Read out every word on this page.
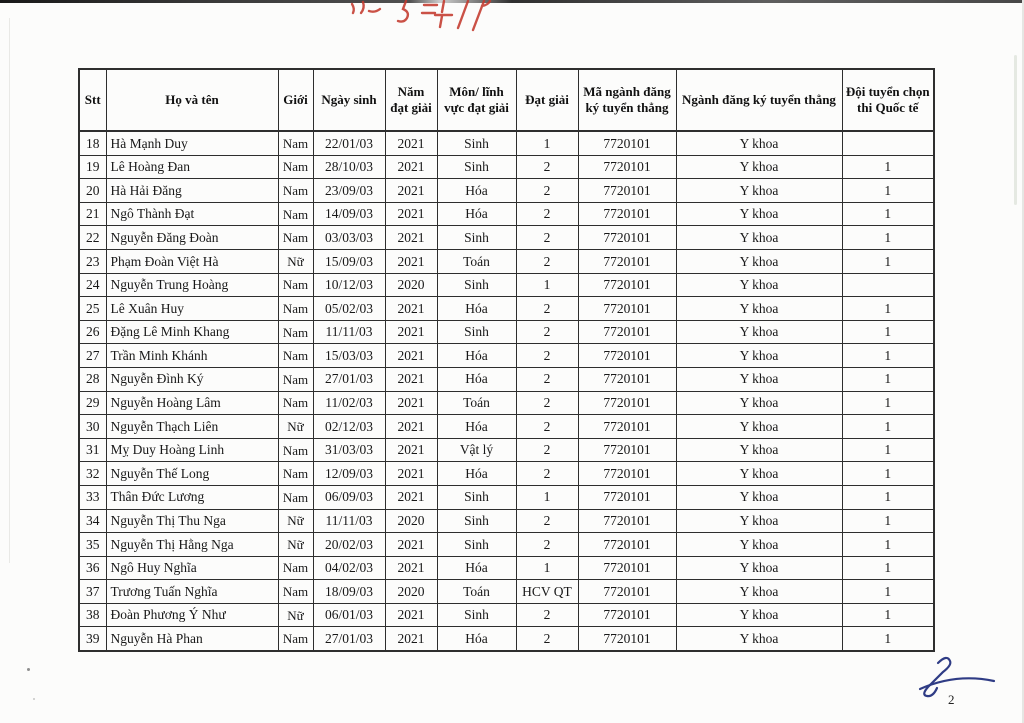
Stt	Họ và tên	Giới	Ngày sinh	Năm đạt giải	Môn/ lĩnh vực đạt giải	Đạt giải	Mã ngành đăng ký tuyển thẳng	Ngành đăng ký tuyển thẳng	Đội tuyển chọn thi Quốc tế
18	Hà Mạnh Duy	Nam	22/01/03	2021	Sinh	1	7720101	Y khoa	
19	Lê Hoàng Đan	Nam	28/10/03	2021	Sinh	2	7720101	Y khoa	1
20	Hà Hải Đăng	Nam	23/09/03	2021	Hóa	2	7720101	Y khoa	1
21	Ngô Thành Đạt	Nam	14/09/03	2021	Hóa	2	7720101	Y khoa	1
22	Nguyễn Đăng Đoàn	Nam	03/03/03	2021	Sinh	2	7720101	Y khoa	1
23	Phạm Đoàn Việt Hà	Nữ	15/09/03	2021	Toán	2	7720101	Y khoa	1
24	Nguyễn Trung Hoàng	Nam	10/12/03	2020	Sinh	1	7720101	Y khoa	
25	Lê Xuân Huy	Nam	05/02/03	2021	Hóa	2	7720101	Y khoa	1
26	Đặng Lê Minh Khang	Nam	11/11/03	2021	Sinh	2	7720101	Y khoa	1
27	Trần Minh Khánh	Nam	15/03/03	2021	Hóa	2	7720101	Y khoa	1
28	Nguyễn Đình Ký	Nam	27/01/03	2021	Hóa	2	7720101	Y khoa	1
29	Nguyễn Hoàng Lâm	Nam	11/02/03	2021	Toán	2	7720101	Y khoa	1
30	Nguyễn Thạch Liên	Nữ	02/12/03	2021	Hóa	2	7720101	Y khoa	1
31	Mỵ Duy Hoàng Linh	Nam	31/03/03	2021	Vật lý	2	7720101	Y khoa	1
32	Nguyễn Thế Long	Nam	12/09/03	2021	Hóa	2	7720101	Y khoa	1
33	Thân Đức Lương	Nam	06/09/03	2021	Sinh	1	7720101	Y khoa	1
34	Nguyễn Thị Thu Nga	Nữ	11/11/03	2020	Sinh	2	7720101	Y khoa	1
35	Nguyễn Thị Hằng Nga	Nữ	20/02/03	2021	Sinh	2	7720101	Y khoa	1
36	Ngô Huy Nghĩa	Nam	04/02/03	2021	Hóa	1	7720101	Y khoa	1
37	Trương Tuấn Nghĩa	Nam	18/09/03	2020	Toán	HCV QT	7720101	Y khoa	1
38	Đoàn Phương Ý Như	Nữ	06/01/03	2021	Sinh	2	7720101	Y khoa	1
39	Nguyễn Hà Phan	Nam	27/01/03	2021	Hóa	2	7720101	Y khoa	1
2
